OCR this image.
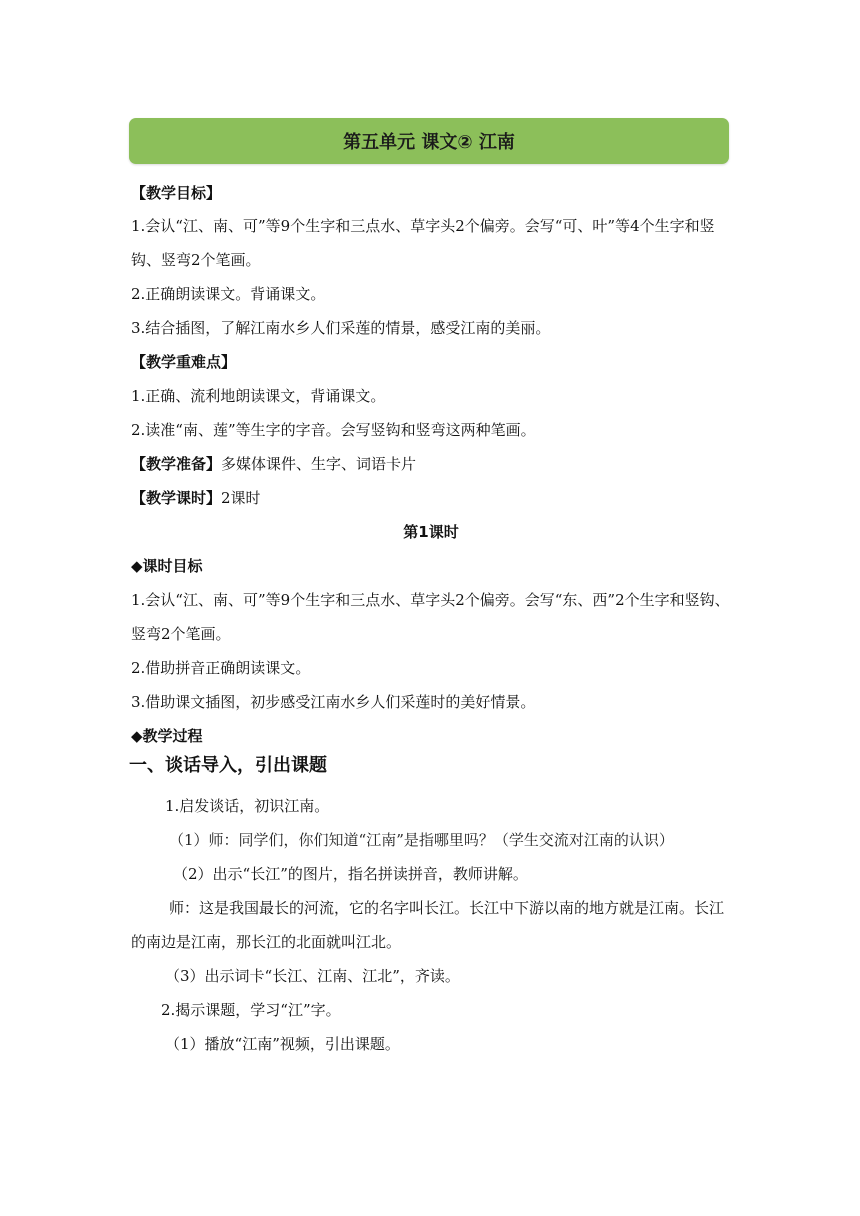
第五单元 课文② 江南

【教学目标】

1.会认“江、南、可”等9个生字和三点水、草字头2个偏旁。会写“可、叶”等4个生字和竖钩、竖弯2个笔画。

2.正确朗读课文。背诵课文。

3.结合插图，了解江南水乡人们采莲的情景，感受江南的美丽。

【教学重难点】

1.正确、流利地朗读课文，背诵课文。

2.读准“南、莲”等生字的字音。会写竖钩和竖弯这两种笔画。

【教学准备】多媒体课件、生字、词语卡片

【教学课时】2课时

第1课时

◆课时目标

1.会认“江、南、可”等9个生字和三点水、草字头2个偏旁。会写“东、西”2个生字和竖钩、竖弯2个笔画。

2.借助拼音正确朗读课文。

3.借助课文插图，初步感受江南水乡人们采莲时的美好情景。

◆教学过程

一、谈话导入，引出课题

1.启发谈话，初识江南。

（1）师：同学们，你们知道“江南”是指哪里吗？（学生交流对江南的认识）

（2）出示“长江”的图片，指名拼读拼音，教师讲解。

师：这是我国最长的河流，它的名字叫长江。长江中下游以南的地方就是江南。长江的南边是江南，那长江的北面就叫江北。

（3）出示词卡“长江、江南、江北”，齐读。

2.揭示课题，学习“江”字。

（1）播放“江南”视频，引出课题。
